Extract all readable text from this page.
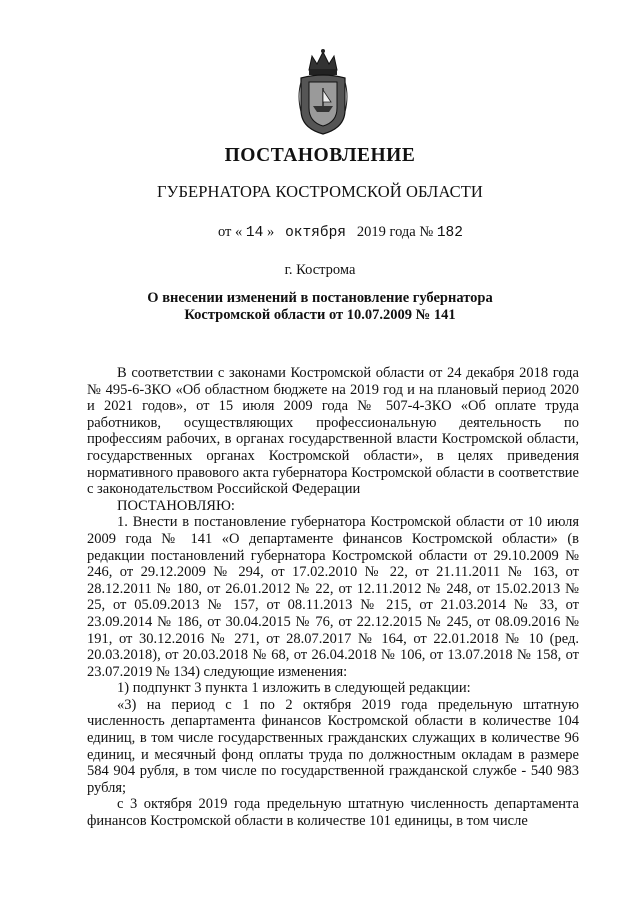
ПОСТАНОВЛЕНИЕ
ГУБЕРНАТОРА КОСТРОМСКОЙ ОБЛАСТИ
от « 14 » октября 2019 года № 182
г. Кострома
О внесении изменений в постановление губернатора
Костромской области от 10.07.2009 № 141

В соответствии с законами Костромской области от 24 декабря 2018 года № 495-6-ЗКО «Об областном бюджете на 2019 год и на плановый период 2020 и 2021 годов», от 15 июля 2009 года № 507-4-ЗКО «Об оплате труда работников, осуществляющих профессиональную деятельность по профессиям рабочих, в органах государственной власти Костромской области, государственных органах Костромской области», в целях приведения нормативного правового акта губернатора Костромской области в соответствие с законодательством Российской Федерации

ПОСТАНОВЛЯЮ:

1. Внести в постановление губернатора Костромской области от 10 июля 2009 года № 141 «О департаменте финансов Костромской области» (в редакции постановлений губернатора Костромской области от 29.10.2009 № 246, от 29.12.2009 № 294, от 17.02.2010 № 22, от 21.11.2011 № 163, от 28.12.2011 № 180, от 26.01.2012 № 22, от 12.11.2012 № 248, от 15.02.2013 № 25, от 05.09.2013 № 157, от 08.11.2013 № 215, от 21.03.2014 № 33, от 23.09.2014 № 186, от 30.04.2015 № 76, от 22.12.2015 № 245, от 08.09.2016 № 191, от 30.12.2016 № 271, от 28.07.2017 № 164, от 22.01.2018 № 10 (ред. 20.03.2018), от 20.03.2018 № 68, от 26.04.2018 № 106, от 13.07.2018 № 158, от 23.07.2019 № 134) следующие изменения:

1) подпункт 3 пункта 1 изложить в следующей редакции:

«3) на период с 1 по 2 октября 2019 года предельную штатную численность департамента финансов Костромской области в количестве 104 единиц, в том числе государственных гражданских служащих в количестве 96 единиц, и месячный фонд оплаты труда по должностным окладам в размере 584 904 рубля, в том числе по государственной гражданской службе - 540 983 рубля;

с 3 октября 2019 года предельную штатную численность департамента финансов Костромской области в количестве 101 единицы, в том числе
